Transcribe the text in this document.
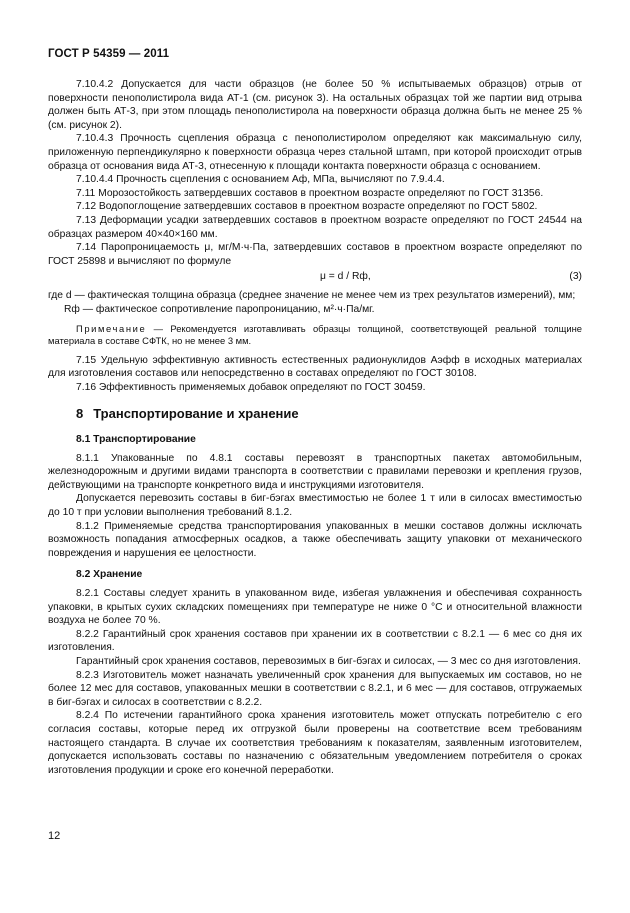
ГОСТ Р 54359 — 2011

7.10.4.2 Допускается для части образцов (не более 50 % испытываемых образцов) отрыв от поверхности пенополистирола вида АТ-1 (см. рисунок 3). На остальных образцах той же партии вид отрыва должен быть АТ-3, при этом площадь пенополистирола на поверхности образца должна быть не менее 25 % (см. рисунок 2).

7.10.4.3 Прочность сцепления образца с пенополистиролом определяют как максимальную силу, приложенную перпендикулярно к поверхности образца через стальной штамп, при которой происходит отрыв образца от основания вида АТ-3, отнесенную к площади контакта поверхности образца с основанием.

7.10.4.4 Прочность сцепления с основанием Aф, МПа, вычисляют по 7.9.4.4.

7.11 Морозостойкость затвердевших составов в проектном возрасте определяют по ГОСТ 31356.

7.12 Водопоглощение затвердевших составов в проектном возрасте определяют по ГОСТ 5802.

7.13 Деформации усадки затвердевших составов в проектном возрасте определяют по ГОСТ 24544 на образцах размером 40×40×160 мм.

7.14 Паропроницаемость μ, мг/М·ч·Па, затвердевших составов в проектном возрасте определяют по ГОСТ 25898 и вычисляют по формуле

μ = d / Rф,	(3)

где d — фактическая толщина образца (среднее значение не менее чем из трех результатов измерений), мм;

Rф — фактическое сопротивление паропроницанию, м²·ч·Па/мг.

Примечание — Рекомендуется изготавливать образцы толщиной, соответствующей реальной толщине материала в составе СФТК, но не менее 3 мм.

7.15 Удельную эффективную активность естественных радионуклидов Aэфф в исходных материалах для изготовления составов или непосредственно в составах определяют по ГОСТ 30108.

7.16 Эффективность применяемых добавок определяют по ГОСТ 30459.

8 Транспортирование и хранение
8.1 Транспортирование

8.1.1 Упакованные по 4.8.1 составы перевозят в транспортных пакетах автомобильным, железнодорожным и другими видами транспорта в соответствии с правилами перевозки и крепления грузов, действующими на транспорте конкретного вида и инструкциями изготовителя.

Допускается перевозить составы в биг-бэгах вместимостью не более 1 т или в силосах вместимостью до 10 т при условии выполнения требований 8.1.2.

8.1.2 Применяемые средства транспортирования упакованных в мешки составов должны исключать возможность попадания атмосферных осадков, а также обеспечивать защиту упаковки от механического повреждения и нарушения ее целостности.

8.2 Хранение

8.2.1 Составы следует хранить в упакованном виде, избегая увлажнения и обеспечивая сохранность упаковки, в крытых сухих складских помещениях при температуре не ниже 0 °С и относительной влажности воздуха не более 70 %.

8.2.2 Гарантийный срок хранения составов при хранении их в соответствии с 8.2.1 — 6 мес со дня их изготовления.

Гарантийный срок хранения составов, перевозимых в биг-бэгах и силосах, — 3 мес со дня изготовления.

8.2.3 Изготовитель может назначать увеличенный срок хранения для выпускаемых им составов, но не более 12 мес для составов, упакованных мешки в соответствии с 8.2.1, и 6 мес — для составов, отгружаемых в биг-бэгах и силосах в соответствии с 8.2.2.

8.2.4 По истечении гарантийного срока хранения изготовитель может отпускать потребителю с его согласия составы, которые перед их отгрузкой были проверены на соответствие всем требованиям настоящего стандарта. В случае их соответствия требованиям к показателям, заявленным изготовителем, допускается использовать составы по назначению с обязательным уведомлением потребителя о сроках изготовления продукции и сроке его конечной переработки.

12
